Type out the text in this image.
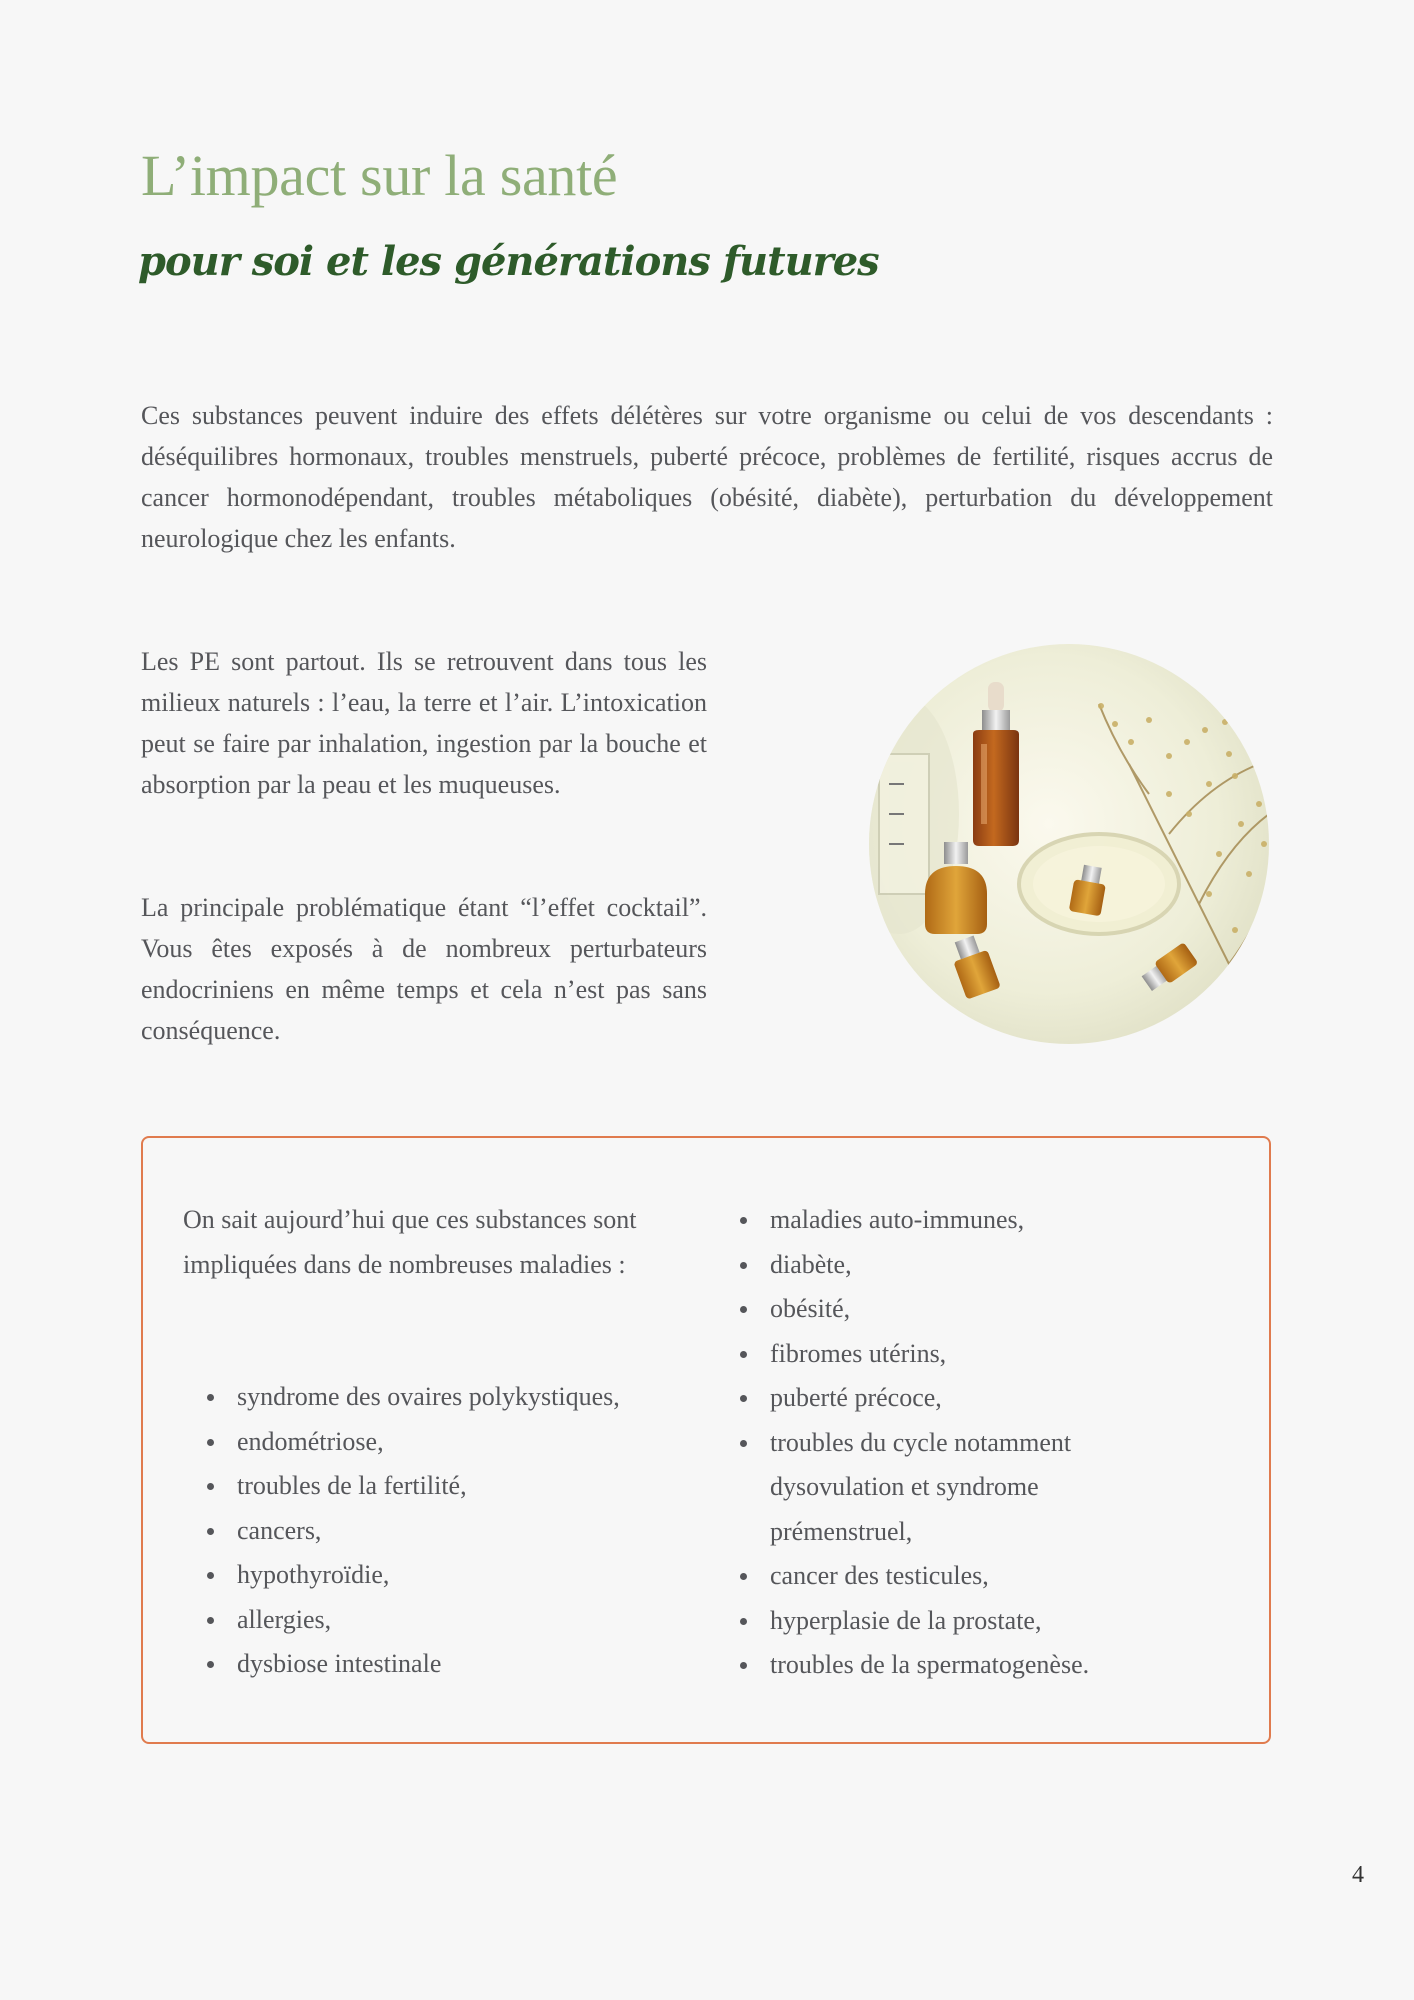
L’impact sur la santé
pour soi et les générations futures

Ces substances peuvent induire des effets délétères sur votre organisme ou celui de vos descendants : déséquilibres hormonaux, troubles menstruels, puberté précoce, problèmes de fertilité, risques accrus de cancer hormonodépendant, troubles métaboliques (obésité, diabète), perturbation du développement neurologique chez les enfants.

Les PE sont partout. Ils se retrouvent dans tous les milieux naturels : l’eau, la terre et l’air. L’intoxication peut se faire par inhalation, ingestion par la bouche et absorption par la peau et les muqueuses.

La principale problématique étant “l’effet cocktail”. Vous êtes exposés à de nombreux perturbateurs endocriniens en même temps et cela n’est pas sans conséquence.

On sait aujourd’hui que ces substances sont impliquées dans de nombreuses maladies :

syndrome des ovaires polykystiques,
endométriose,
troubles de la fertilité,
cancers,
hypothyroïdie,
allergies,
dysbiose intestinale
maladies auto-immunes,
diabète,
obésité,
fibromes utérins,
puberté précoce,
troubles du cycle notamment dysovulation et syndrome prémenstruel,
cancer des testicules,
hyperplasie de la prostate,
troubles de la spermatogenèse.
4
